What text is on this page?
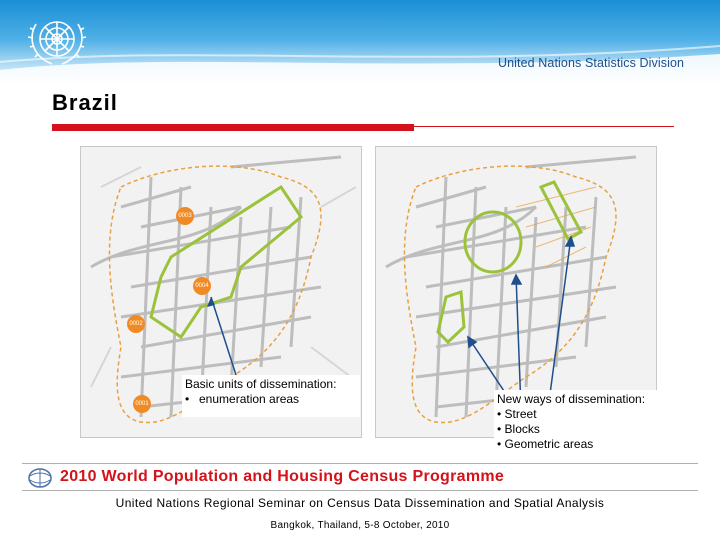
United Nations Statistics Division
Brazil
0003
0004
0002
0001
Basic units of dissemination:
• enumeration areas	New ways of dissemination:
• Street
• Blocks
• Geometric areas
2010 World Population and Housing Census Programme
United Nations Regional Seminar on Census Data Dissemination and Spatial Analysis
Bangkok, Thailand, 5-8 October, 2010
